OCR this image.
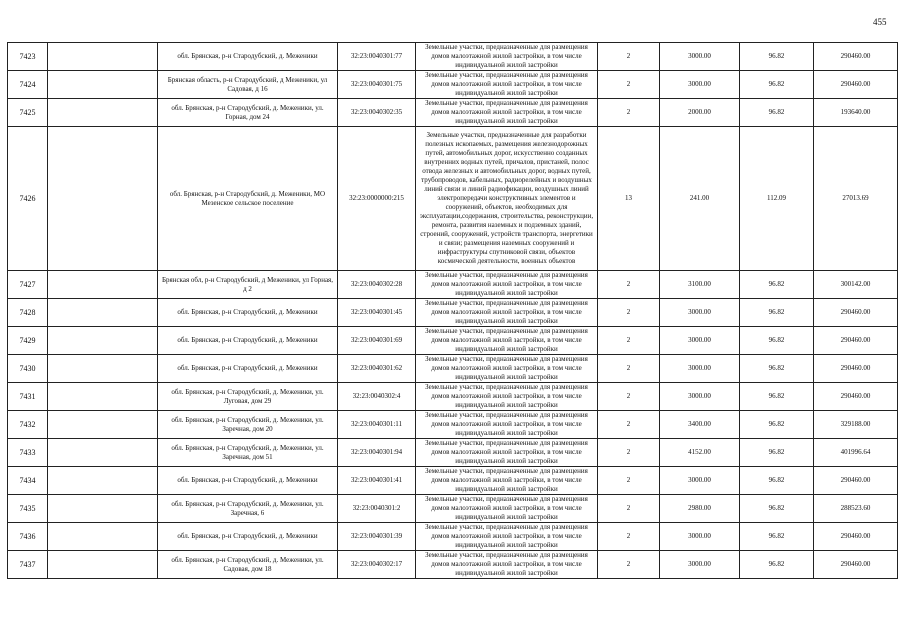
455
7423		обл. Брянская, р-н Стародубский, д. Меженики	32:23:0040301:77	Земельные участки, предназначенные для размещения домов малоэтажной жилой застройки, в том числе индивидуальной жилой застройки	2	3000.00	96.82	290460.00
7424		Брянская область, р-н Стародубский, д Меженики, ул Садовая, д 16	32:23:0040301:75	Земельные участки, предназначенные для размещения домов малоэтажной жилой застройки, в том числе индивидуальной жилой застройки	2	3000.00	96.82	290460.00
7425		обл. Брянская, р-н Стародубский, д. Меженики, ул. Горная, дом 24	32:23:0040302:35	Земельные участки, предназначенные для размещения домов малоэтажной жилой застройки, в том числе индивидуальной жилой застройки	2	2000.00	96.82	193640.00
7426		обл. Брянская, р-н Стародубский, д. Меженики, МО Мезенское сельское поселение	32:23:0000000:215	Земельные участки, предназначенные для разработки полезных ископаемых, размещения железнодорожных путей, автомобильных дорог, искусственно созданных внутренних водных путей, причалов, пристаней, полос отвода железных и автомобильных дорог, водных путей, трубопроводов, кабельных, радиорелейных и воздушных линий связи и линий радиофикации, воздушных линий электропередачи конструктивных элементов и сооружений, объектов, необходимых для эксплуатации,содержания, строительства, реконструкции, ремонта, развития наземных и подземных зданий, строений, сооружений, устройств транспорта, энергетики и связи; размещения наземных сооружений и инфраструктуры спутниковой связи, объектов космической деятельности, военных объектов	13	241.00	112.09	27013.69
7427		Брянская обл, р-н Стародубский, д Меженики, ул Горная, д 2	32:23:0040302:28	Земельные участки, предназначенные для размещения домов малоэтажной жилой застройки, в том числе индивидуальной жилой застройки	2	3100.00	96.82	300142.00
7428		обл. Брянская, р-н Стародубский, д. Меженики	32:23:0040301:45	Земельные участки, предназначенные для размещения домов малоэтажной жилой застройки, в том числе индивидуальной жилой застройки	2	3000.00	96.82	290460.00
7429		обл. Брянская, р-н Стародубский, д. Меженики	32:23:0040301:69	Земельные участки, предназначенные для размещения домов малоэтажной жилой застройки, в том числе индивидуальной жилой застройки	2	3000.00	96.82	290460.00
7430		обл. Брянская, р-н Стародубский, д. Меженики	32:23:0040301:62	Земельные участки, предназначенные для размещения домов малоэтажной жилой застройки, в том числе индивидуальной жилой застройки	2	3000.00	96.82	290460.00
7431		обл. Брянская, р-н Стародубский, д. Меженики, ул. Луговая, дом 29	32:23:0040302:4	Земельные участки, предназначенные для размещения домов малоэтажной жилой застройки, в том числе индивидуальной жилой застройки	2	3000.00	96.82	290460.00
7432		обл. Брянская, р-н Стародубский, д. Меженики, ул. Заречная, дом 20	32:23:0040301:11	Земельные участки, предназначенные для размещения домов малоэтажной жилой застройки, в том числе индивидуальной жилой застройки	2	3400.00	96.82	329188.00
7433		обл. Брянская, р-н Стародубский, д. Меженики, ул. Заречная, дом 51	32:23:0040301:94	Земельные участки, предназначенные для размещения домов малоэтажной жилой застройки, в том числе индивидуальной жилой застройки	2	4152.00	96.82	401996.64
7434		обл. Брянская, р-н Стародубский, д. Меженики	32:23:0040301:41	Земельные участки, предназначенные для размещения домов малоэтажной жилой застройки, в том числе индивидуальной жилой застройки	2	3000.00	96.82	290460.00
7435		обл. Брянская, р-н Стародубский, д. Меженики, ул. Заречная, 6	32:23:0040301:2	Земельные участки, предназначенные для размещения домов малоэтажной жилой застройки, в том числе индивидуальной жилой застройки	2	2980.00	96.82	288523.60
7436		обл. Брянская, р-н Стародубский, д. Меженики	32:23:0040301:39	Земельные участки, предназначенные для размещения домов малоэтажной жилой застройки, в том числе индивидуальной жилой застройки	2	3000.00	96.82	290460.00
7437		обл. Брянская, р-н Стародубский, д. Меженики, ул. Садовая, дом 18	32:23:0040302:17	Земельные участки, предназначенные для размещения домов малоэтажной жилой застройки, в том числе индивидуальной жилой застройки	2	3000.00	96.82	290460.00
